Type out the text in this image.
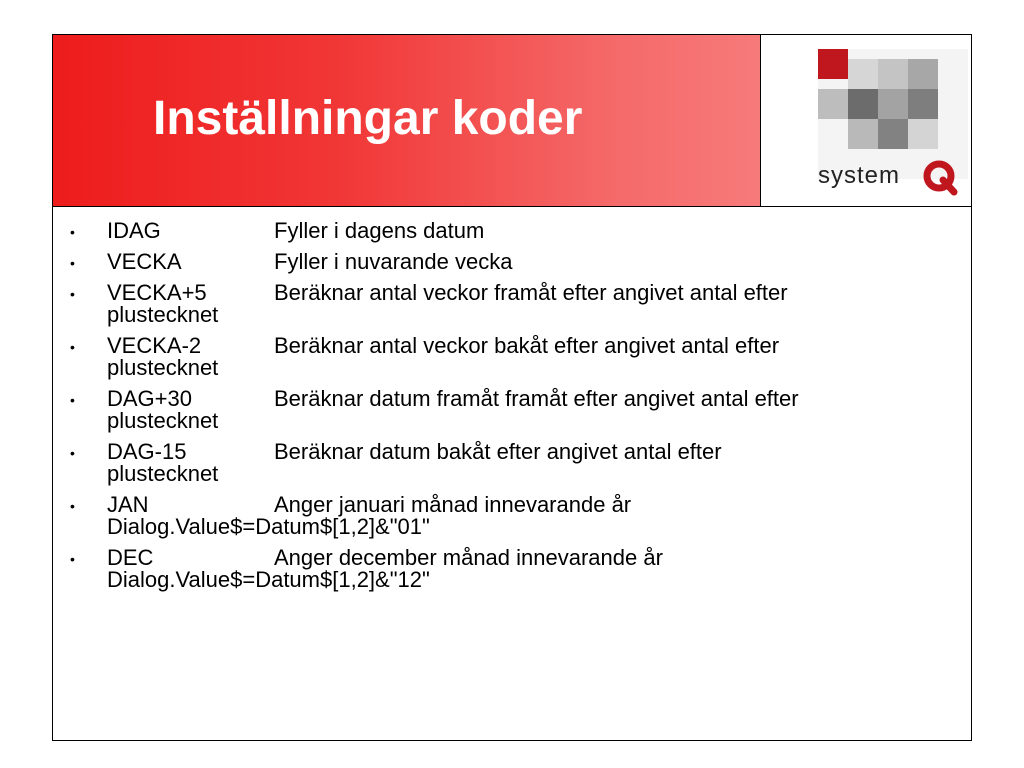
Inställningar koder
system
• IDAG	Fyller i dagens datum
• VECKA	Fyller i nuvarande vecka
• VECKA+5	Beräknar antal veckor framåt efter angivet antal efter
plustecknet
• VECKA-2	Beräknar antal veckor bakåt efter angivet antal efter
plustecknet
• DAG+30	Beräknar datum framåt framåt efter angivet antal efter
plustecknet
• DAG-15	Beräknar datum bakåt efter angivet antal efter
plustecknet
• JAN	Anger januari månad innevarande år
Dialog.Value$=Datum$[1,2]&"01"
• DEC	Anger december månad innevarande år
Dialog.Value$=Datum$[1,2]&"12"
